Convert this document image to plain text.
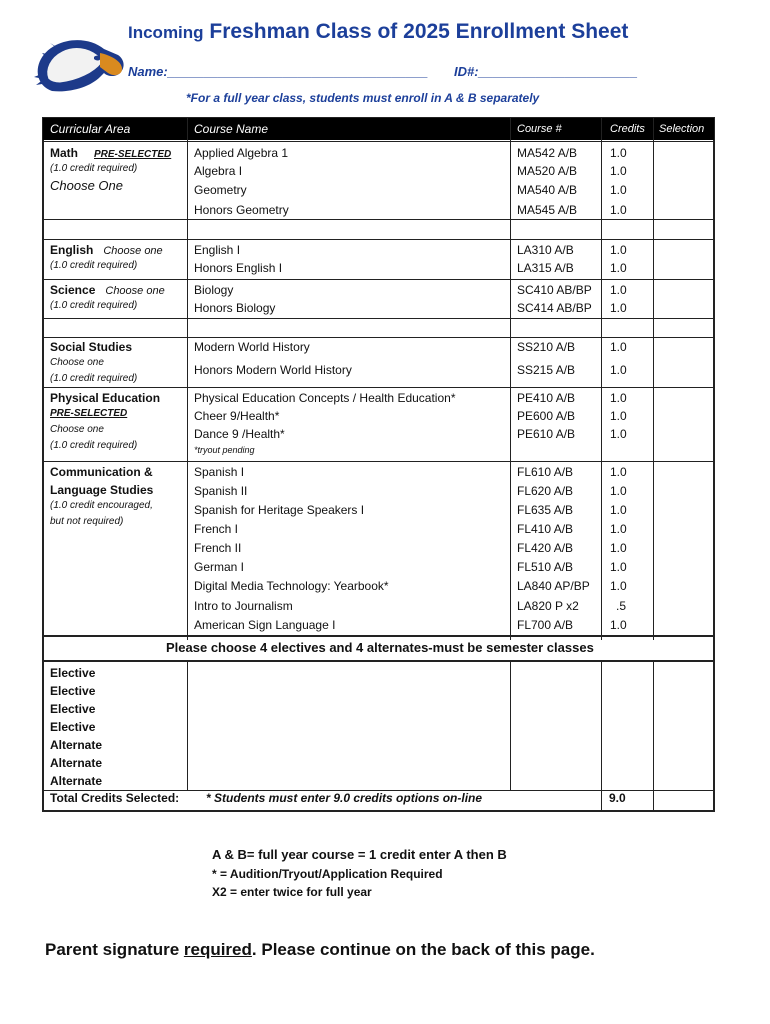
Incoming Freshman Class of 2025 Enrollment Sheet
Name:____________________________________ ID#:______________________
*For a full year class, students must enroll in A & B separately
Curricular Area	Course Name	Course #	Credits Selection
Math PRE-SELECTED
(1.0 credit required)
Choose One
Applied Algebra 1	MA542 A/B	1.0
Algebra I	MA520 A/B	1.0
Geometry	MA540 A/B	1.0
Honors Geometry	MA545 A/B	1.0
English Choose one
(1.0 credit required)
English I	LA310 A/B	1.0
Honors English I	LA315 A/B	1.0
Science Choose one
(1.0 credit required)
Biology	SC410 AB/BP 1.0
Honors Biology	SC414 AB/BP 1.0
Social Studies
Choose one
(1.0 credit required)
Modern World History	SS210 A/B	1.0
Honors Modern World History	SS215 A/B	1.0
Physical Education
PRE-SELECTED
Choose one
(1.0 credit required)
Physical Education Concepts / Health Education*	PE410 A/B	1.0
Cheer 9/Health*	PE600 A/B	1.0
Dance 9 /Health*	PE610 A/B	1.0
*tryout pending
Communication &
Language Studies
(1.0 credit encouraged,
but not required)
Spanish I	FL610 A/B	1.0
Spanish II	FL620 A/B	1.0
Spanish for Heritage Speakers I	FL635 A/B	1.0
French I	FL410 A/B	1.0
French II	FL420 A/B	1.0
German I	FL510 A/B	1.0
Digital Media Technology: Yearbook*	LA840 AP/BP 1.0
Intro to Journalism	LA820 P x2	.5
American Sign Language I	FL700 A/B	1.0
Please choose 4 electives and 4 alternates-must be semester classes
Elective
Elective
Elective
Elective
Alternate
Alternate
Alternate
Total Credits Selected: * Students must enter 9.0 credits options on-line	9.0
A & B= full year course = 1 credit enter A then B
* = Audition/Tryout/Application Required
X2 = enter twice for full year
Parent signature required. Please continue on the back of this page.
